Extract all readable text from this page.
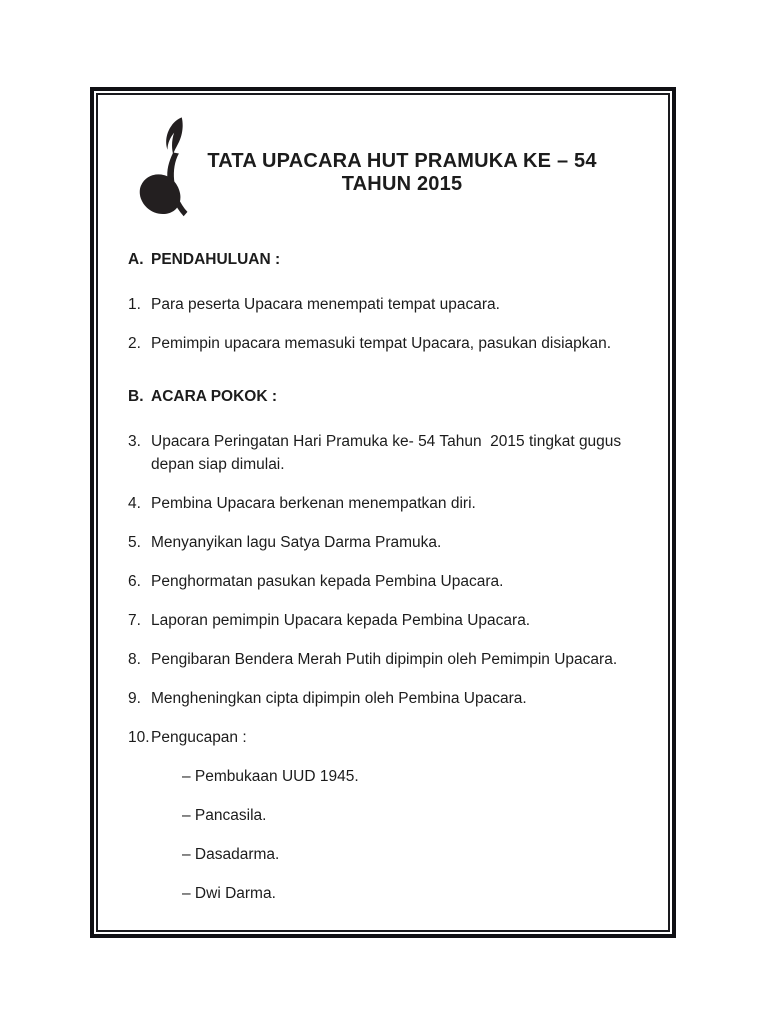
TATA UPACARA HUT PRAMUKA KE – 54 TAHUN 2015
A. PENDAHULUAN :
1. Para peserta Upacara menempati tempat upacara.
2. Pemimpin upacara memasuki tempat Upacara, pasukan disiapkan.
B. ACARA POKOK :
3. Upacara Peringatan Hari Pramuka ke- 54 Tahun  2015 tingkat gugus depan siap dimulai.
4. Pembina Upacara berkenan menempatkan diri.
5. Menyanyikan lagu Satya Darma Pramuka.
6. Penghormatan pasukan kepada Pembina Upacara.
7. Laporan pemimpin Upacara kepada Pembina Upacara.
8. Pengibaran Bendera Merah Putih dipimpin oleh Pemimpin Upacara.
9. Mengheningkan cipta dipimpin oleh Pembina Upacara.
10. Pengucapan :
– Pembukaan UUD 1945.
– Pancasila.
– Dasadarma.
– Dwi Darma.
